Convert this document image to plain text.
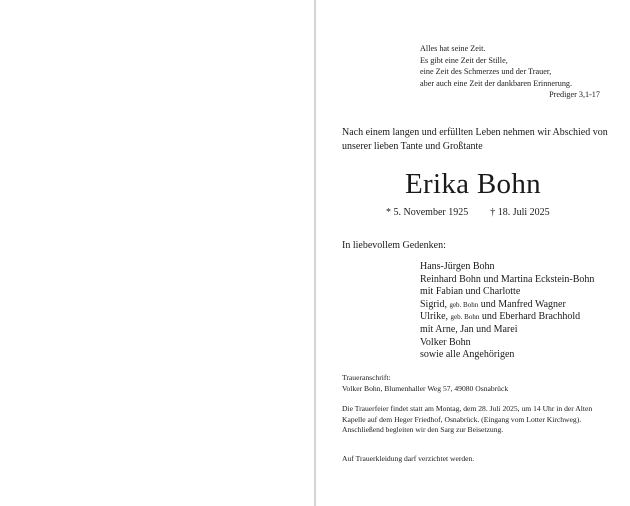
Alles hat seine Zeit.
Es gibt eine Zeit der Stille,
eine Zeit des Schmerzes und der Trauer,
aber auch eine Zeit der dankbaren Erinnerung.
Prediger 3,1-17
Nach einem langen und erfüllten Leben nehmen wir Abschied von unserer lieben Tante und Großtante
Erika Bohn
* 5. November 1925 † 18. Juli 2025
In liebevollem Gedenken:
Hans-Jürgen Bohn
Reinhard Bohn und Martina Eckstein-Bohn
mit Fabian und Charlotte
Sigrid, geb. Bohn und Manfred Wagner
Ulrike, geb. Bohn und Eberhard Brachhold
mit Arne, Jan und Marei
Volker Bohn
sowie alle Angehörigen
Traueranschrift:
Volker Bohn, Blumenhaller Weg 57, 49080 Osnabrück
Die Trauerfeier findet statt am Montag, dem 28. Juli 2025, um 14 Uhr in der Alten Kapelle auf dem Heger Friedhof, Osnabrück. (Eingang vom Lotter Kirchweg). Anschließend begleiten wir den Sarg zur Beisetzung.
Auf Trauerkleidung darf verzichtet werden.
